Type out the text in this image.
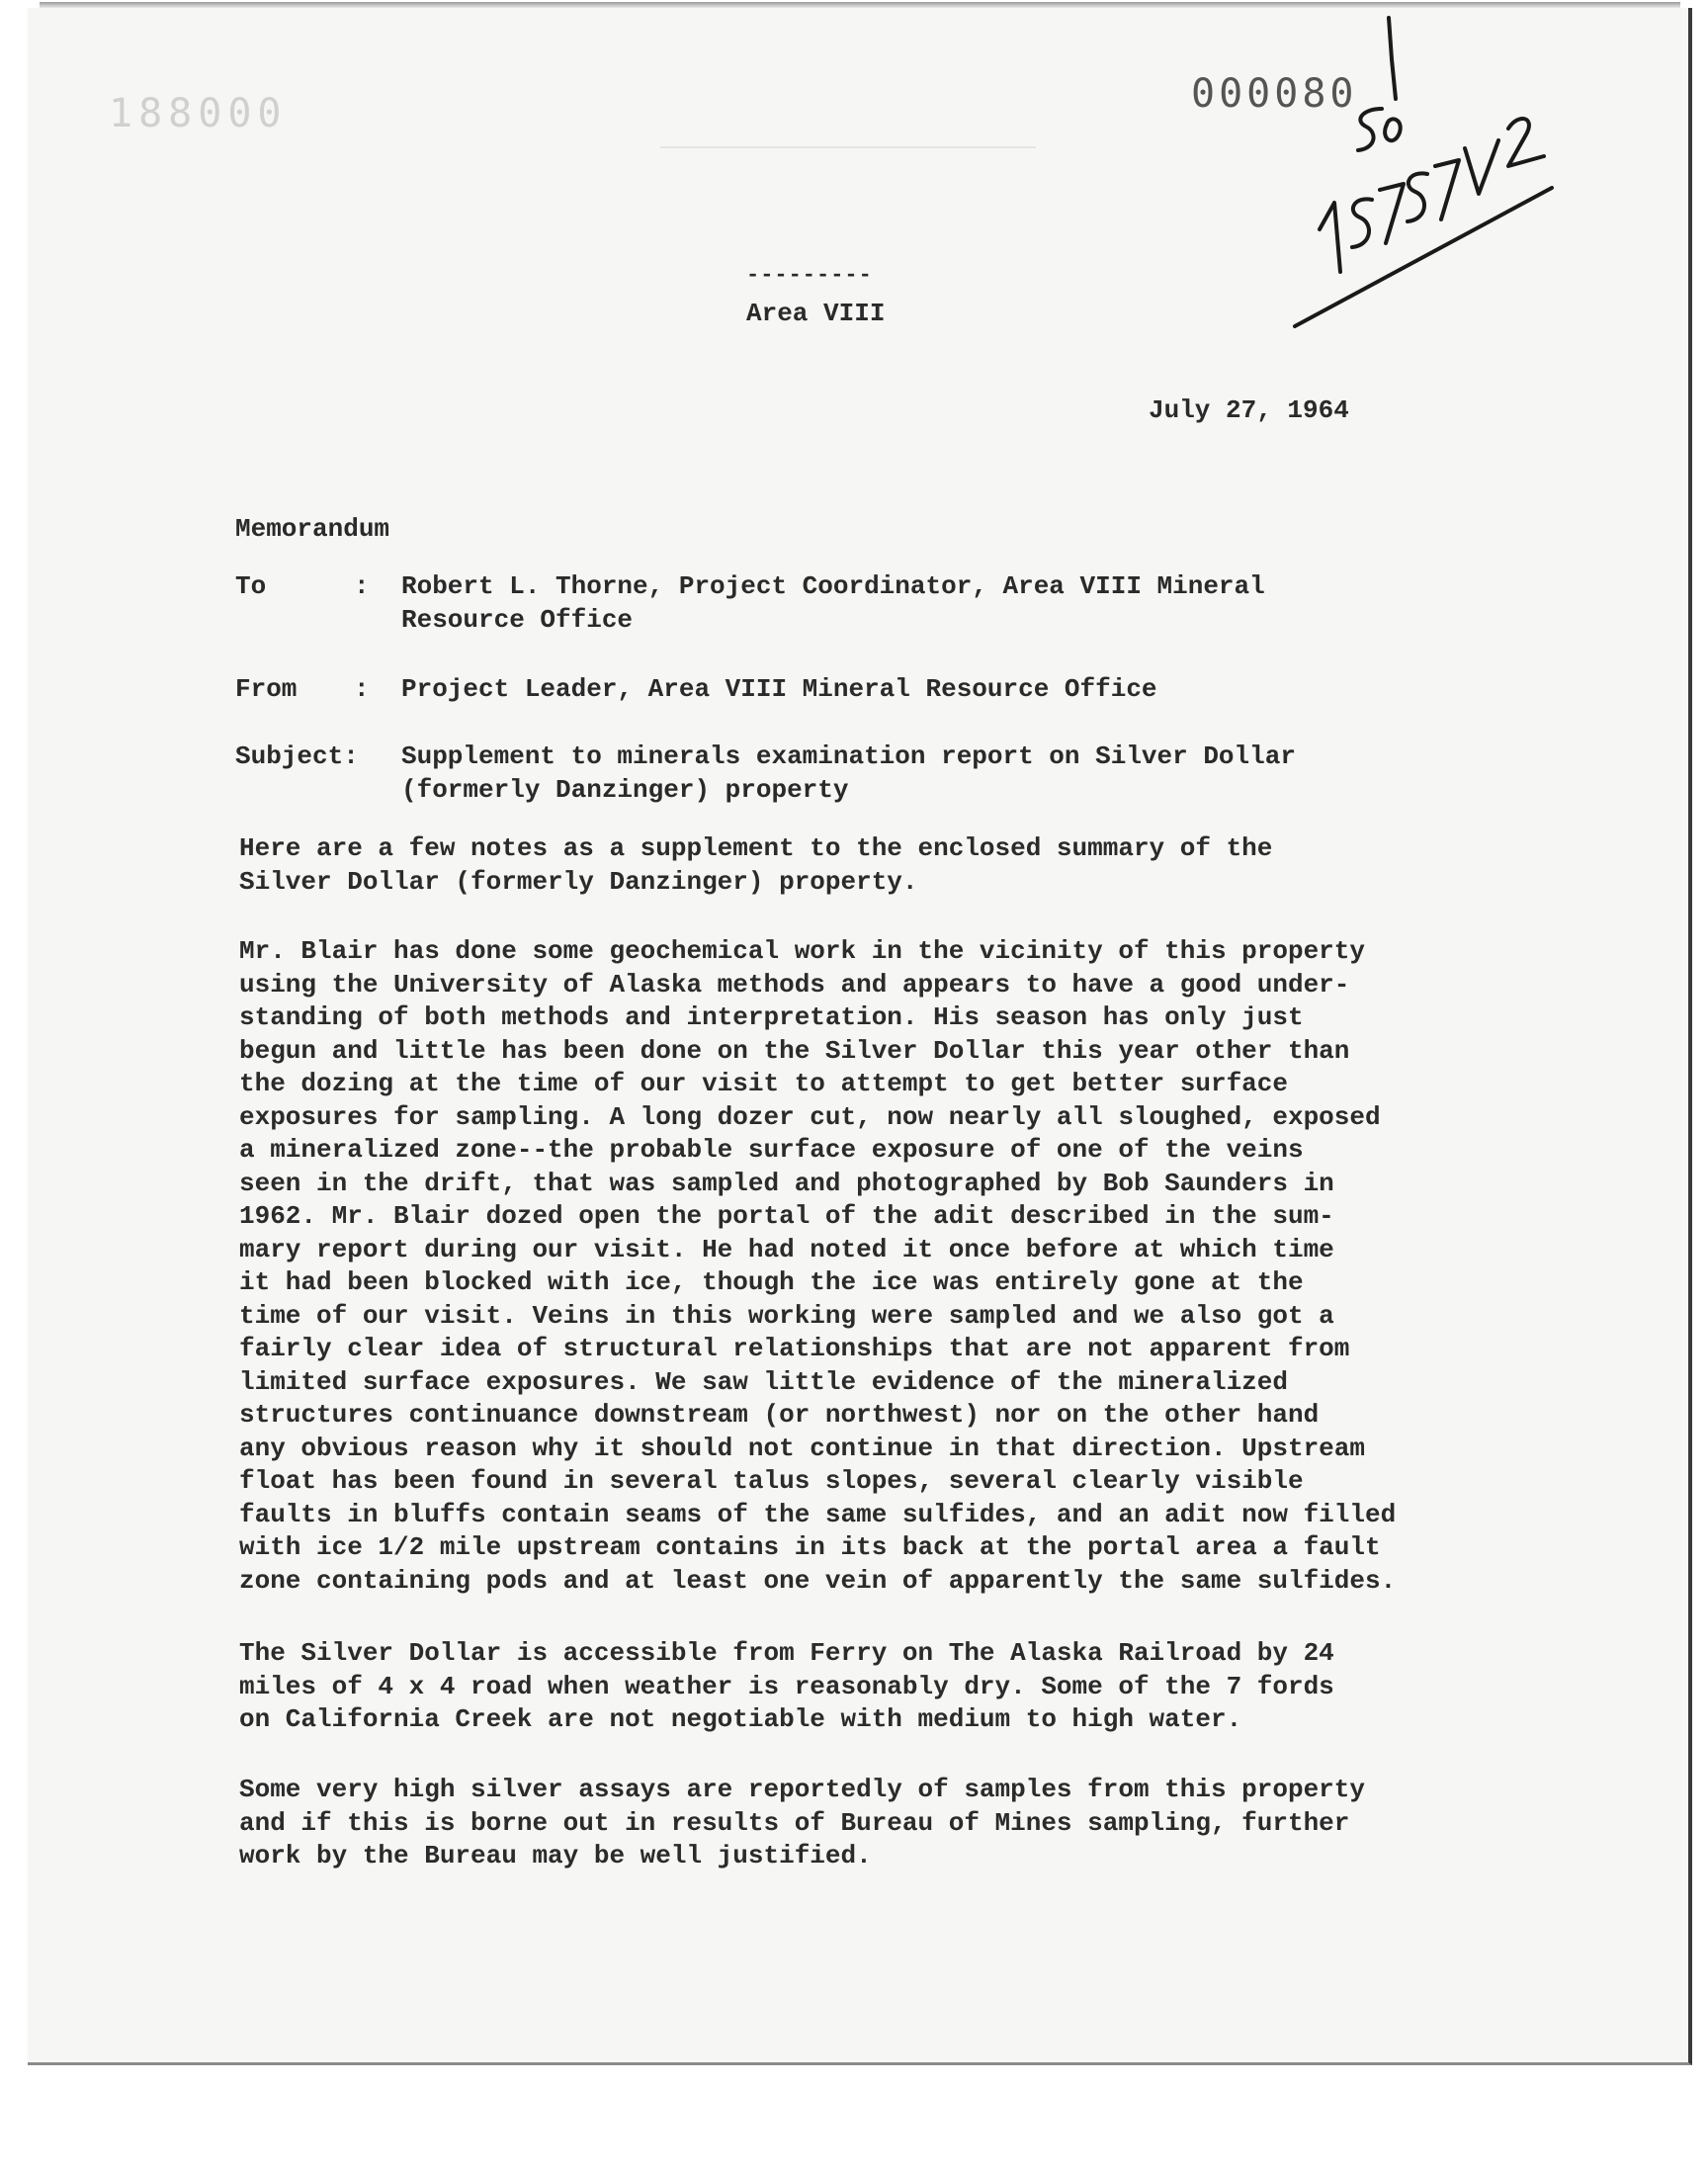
188000	000080
---------
Area VIII
July 27, 1964
Memorandum
To	: Robert L. Thorne, Project Coordinator, Area VIII Mineral
Resource Office
From	: Project Leader, Area VIII Mineral Resource Office
Subject: Supplement to minerals examination report on Silver Dollar
(formerly Danzinger) property
Here are a few notes as a supplement to the enclosed summary of the
Silver Dollar (formerly Danzinger) property.
Mr. Blair has done some geochemical work in the vicinity of this property
using the University of Alaska methods and appears to have a good under-
standing of both methods and interpretation. His season has only just
begun and little has been done on the Silver Dollar this year other than
the dozing at the time of our visit to attempt to get better surface
exposures for sampling. A long dozer cut, now nearly all sloughed, exposed
a mineralized zone--the probable surface exposure of one of the veins
seen in the drift, that was sampled and photographed by Bob Saunders in
1962. Mr. Blair dozed open the portal of the adit described in the sum-
mary report during our visit. He had noted it once before at which time
it had been blocked with ice, though the ice was entirely gone at the
time of our visit. Veins in this working were sampled and we also got a
fairly clear idea of structural relationships that are not apparent from
limited surface exposures. We saw little evidence of the mineralized
structures continuance downstream (or northwest) nor on the other hand
any obvious reason why it should not continue in that direction. Upstream
float has been found in several talus slopes, several clearly visible
faults in bluffs contain seams of the same sulfides, and an adit now filled
with ice 1/2 mile upstream contains in its back at the portal area a fault
zone containing pods and at least one vein of apparently the same sulfides.
The Silver Dollar is accessible from Ferry on The Alaska Railroad by 24
miles of 4 x 4 road when weather is reasonably dry. Some of the 7 fords
on California Creek are not negotiable with medium to high water.
Some very high silver assays are reportedly of samples from this property
and if this is borne out in results of Bureau of Mines sampling, further
work by the Bureau may be well justified.
